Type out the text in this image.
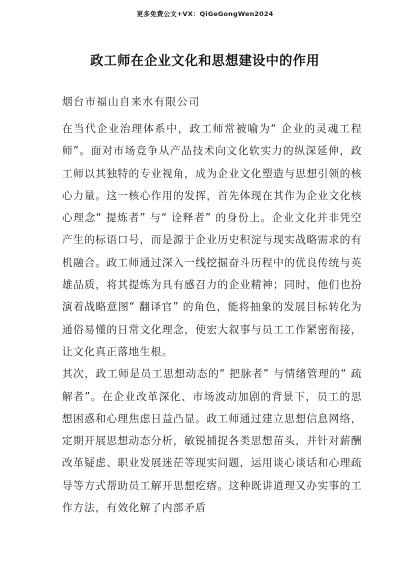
更多免费公文+VX：QiGeGongWen2024
政工师在企业文化和思想建设中的作用
烟台市福山自来水有限公司

在当代企业治理体系中，政工师常被喻为“ 企业的灵魂工程师”。面对市场竞争从产品技术向文化软实力的纵深延伸，政工师以其独特的专业视角，成为企业文化塑造与思想引领的核心力量。这一核心作用的发挥，首先体现在其作为企业文化核心理念“ 提炼者” 与“ 诠释者” 的身份上。企业文化并非凭空产生的标语口号，而是源于企业历史积淀与现实战略需求的有机融合。政工师通过深入一线挖掘奋斗历程中的优良传统与英雄品质，将其提炼为具有感召力的企业精神；同时，他们也扮演着战略意图“ 翻译官” 的角色，能将抽象的发展目标转化为通俗易懂的日常文化理念，使宏大叙事与员工工作紧密衔接，让文化真正落地生根。

其次，政工师是员工思想动态的“ 把脉者” 与情绪管理的“ 疏解者”。在企业改革深化、市场波动加剧的背景下，员工的思想困惑和心理焦虑日益凸显。政工师通过建立思想信息网络，定期开展思想动态分析，敏锐捕捉各类思想苗头，并针对薪酬改革疑虑、职业发展迷茫等现实问题，运用谈心谈话和心理疏导等方式帮助员工解开思想疙瘩。这种既讲道理又办实事的工作方法，有效化解了内部矛盾
